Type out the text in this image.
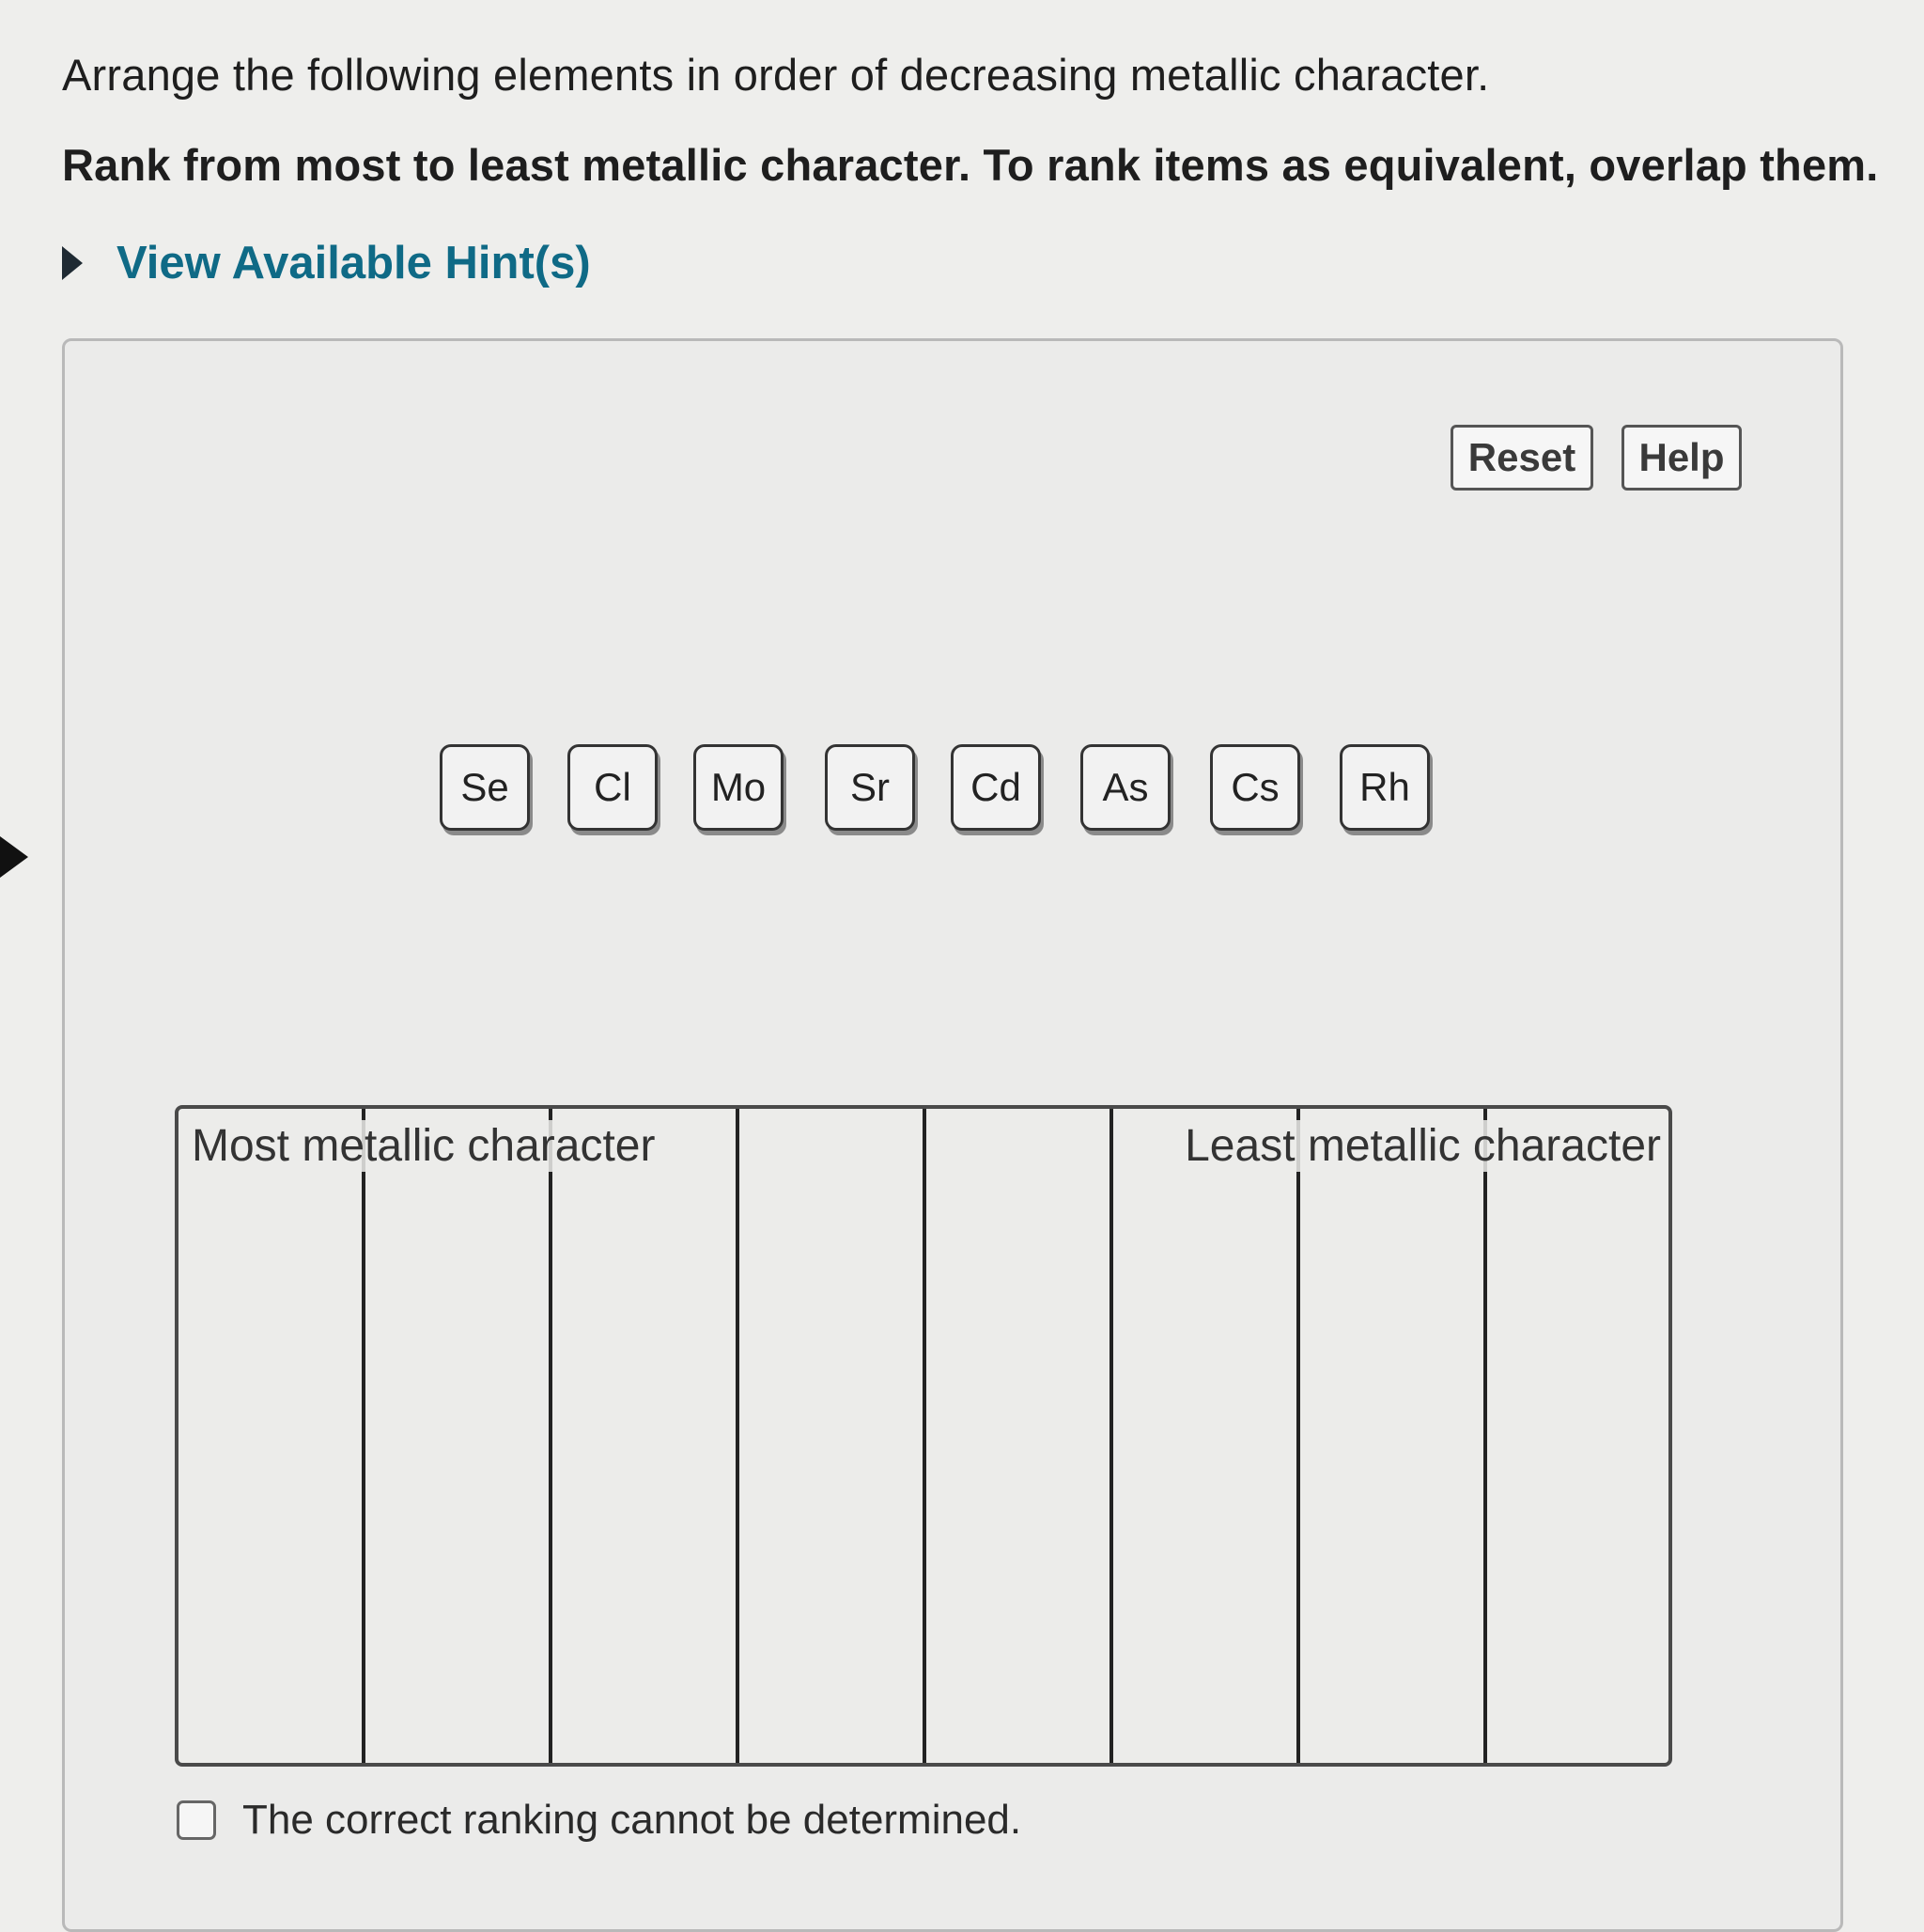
Arrange the following elements in order of decreasing metallic character.
Rank from most to least metallic character. To rank items as equivalent, overlap them.
View Available Hint(s)
Reset	Help
Se	Cl	Mo	Sr	Cd	As	Cs	Rh
Most metallic character	Least metallic character
The correct ranking cannot be determined.
